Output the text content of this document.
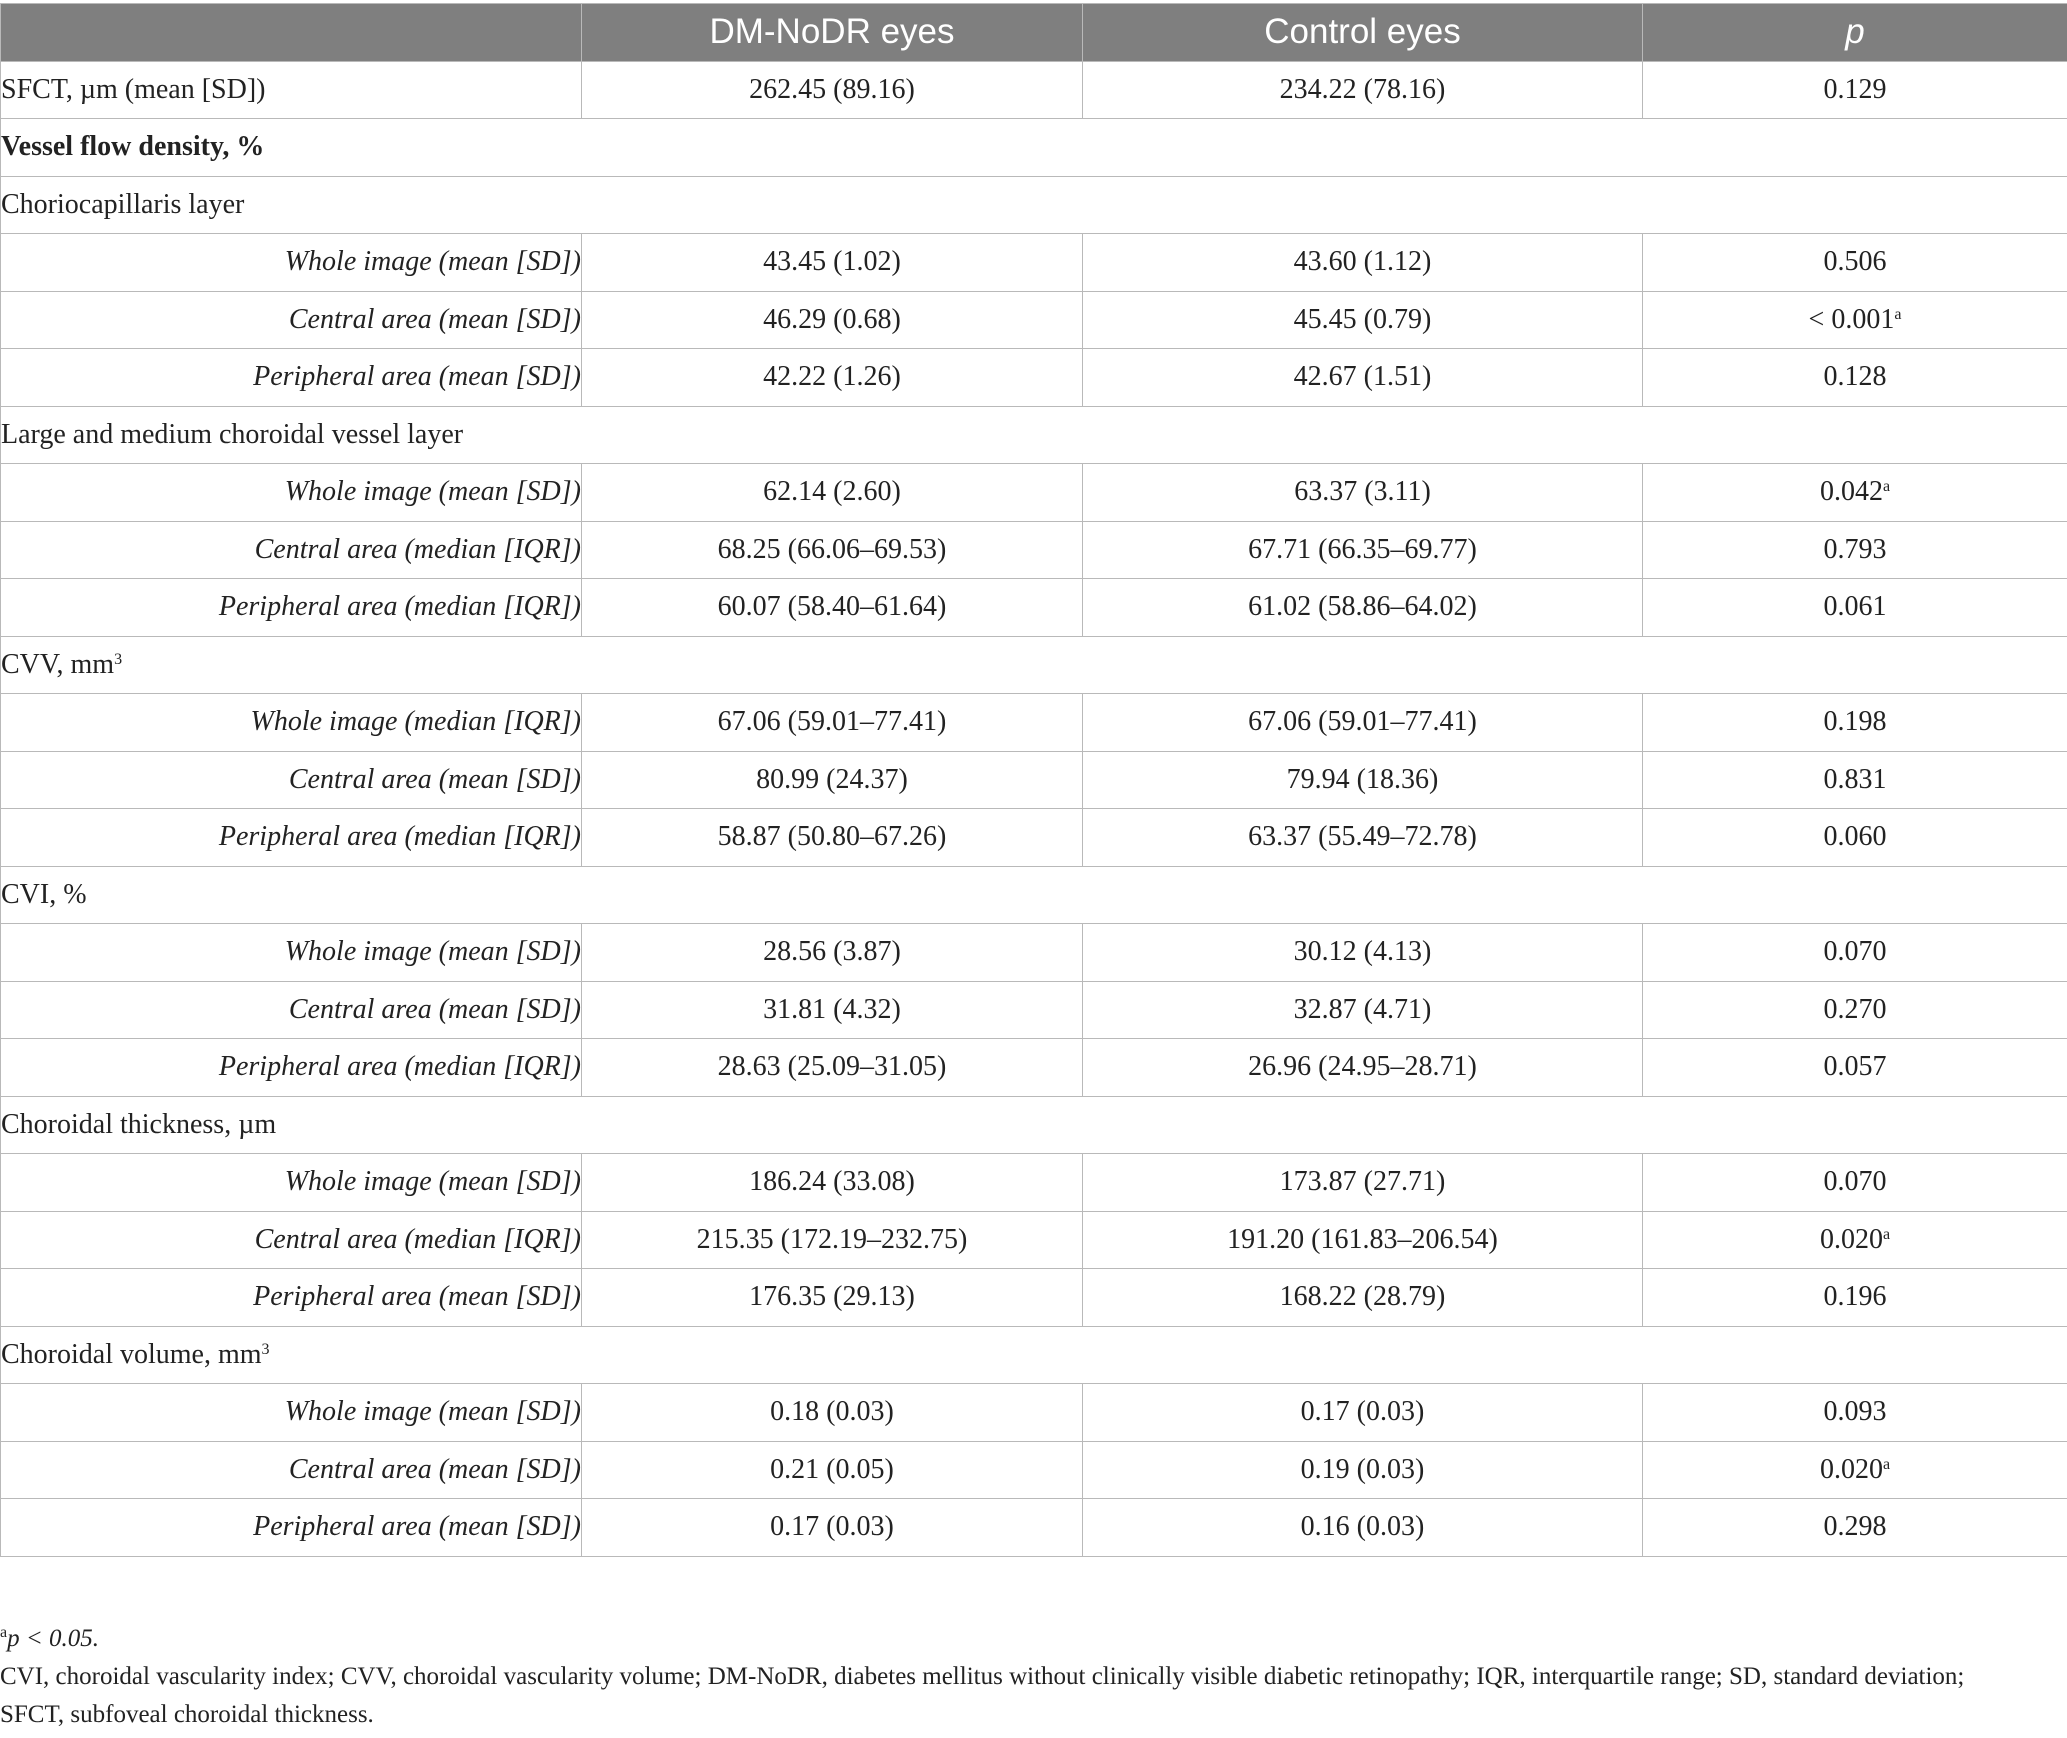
	DM-NoDR eyes	Control eyes	p
SFCT, µm (mean [SD])	262.45 (89.16)	234.22 (78.16)	0.129
Vessel flow density, %			
Choriocapillaris layer			
Whole image (mean [SD])	43.45 (1.02)	43.60 (1.12)	0.506
Central area (mean [SD])	46.29 (0.68)	45.45 (0.79)	< 0.001$^a$
Peripheral area (mean [SD])	42.22 (1.26)	42.67 (1.51)	0.128
Large and medium choroidal vessel layer			
Whole image (mean [SD])	62.14 (2.60)	63.37 (3.11)	0.042$^a$
Central area (median [IQR])	68.25 (66.06–69.53)	67.71 (66.35–69.77)	0.793
Peripheral area (median [IQR])	60.07 (58.40–61.64)	61.02 (58.86–64.02)	0.061
CVV, $mm^3$
Whole image (median [IQR])	67.06 (59.01–77.41)	67.06 (59.01–77.41)	0.198
Central area (mean [SD])	80.99 (24.37)	79.94 (18.36)	0.831
Peripheral area (median [IQR])	58.87 (50.80–67.26)	63.37 (55.49–72.78)	0.060
CVI, %			
Whole image (mean [SD])	28.56 (3.87)	30.12 (4.13)	0.070
Central area (mean [SD])	31.81 (4.32)	32.87 (4.71)	0.270
Peripheral area (median [IQR])	28.63 (25.09–31.05)	26.96 (24.95–28.71)	0.057
Choroidal thickness, µm			
Whole image (mean [SD])	186.24 (33.08)	173.87 (27.71)	0.070
Central area (median [IQR])	215.35 (172.19–232.75)	191.20 (161.83–206.54)	0.020$^a$
Peripheral area (mean [SD])	176.35 (29.13)	168.22 (28.79)	0.196
Choroidal volume, $mm^3$
Whole image (mean [SD])	0.18 (0.03)	0.17 (0.03)	0.093
Central area (mean [SD])	0.21 (0.05)	0.19 (0.03)	0.020$^a$
Peripheral area (mean [SD])	0.17 (0.03)	0.16 (0.03)	0.298

$^a$p < 0.05.

CVI, choroidal vascularity index; CVV, choroidal vascularity volume; DM-NoDR, diabetes mellitus without clinically visible diabetic retinopathy; IQR, interquartile range; SD, standard deviation; SFCT, subfoveal choroidal thickness.
